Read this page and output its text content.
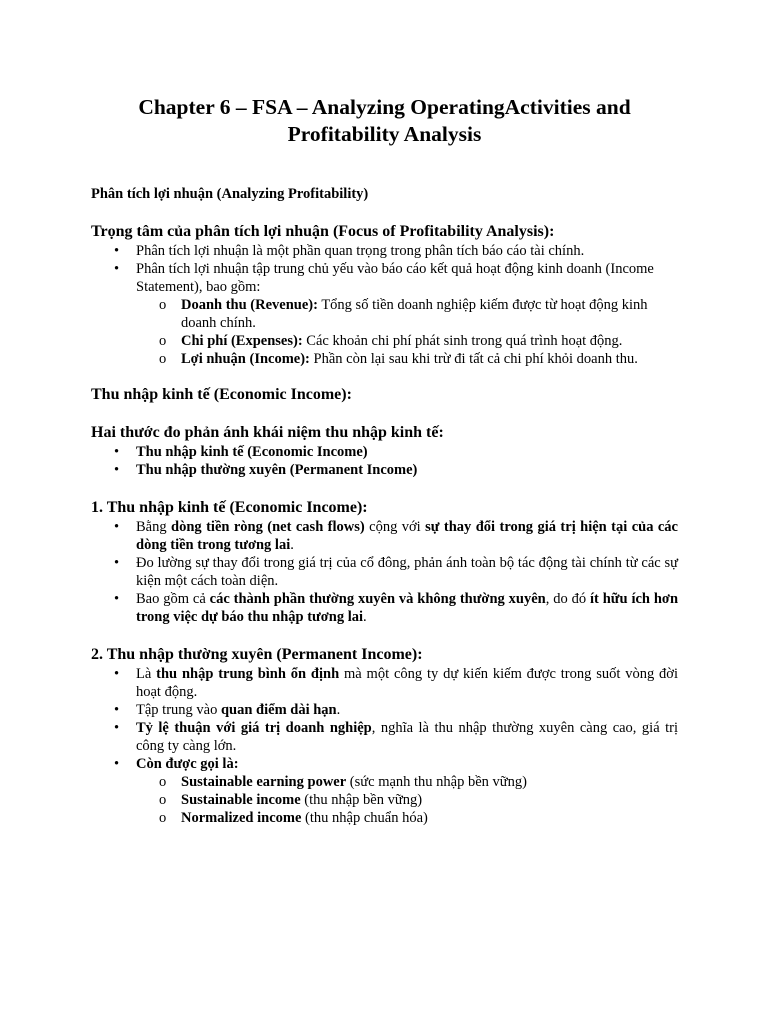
Chapter 6 – FSA – Analyzing OperatingActivities and Profitability Analysis
Phân tích lợi nhuận (Analyzing Profitability)
Trọng tâm của phân tích lợi nhuận (Focus of Profitability Analysis):
• Phân tích lợi nhuận là một phần quan trọng trong phân tích báo cáo tài chính.
• Phân tích lợi nhuận tập trung chủ yếu vào báo cáo kết quả hoạt động kinh doanh (Income Statement), bao gồm:
o Doanh thu (Revenue): Tổng số tiền doanh nghiệp kiếm được từ hoạt động kinh doanh chính.
o Chi phí (Expenses): Các khoản chi phí phát sinh trong quá trình hoạt động.
o Lợi nhuận (Income): Phần còn lại sau khi trừ đi tất cả chi phí khỏi doanh thu.
Thu nhập kinh tế (Economic Income):
Hai thước đo phản ánh khái niệm thu nhập kinh tế:
• Thu nhập kinh tế (Economic Income)
• Thu nhập thường xuyên (Permanent Income)
1. Thu nhập kinh tế (Economic Income):
• Bằng dòng tiền ròng (net cash flows) cộng với sự thay đổi trong giá trị hiện tại của các dòng tiền trong tương lai.
• Đo lường sự thay đổi trong giá trị của cổ đông, phản ánh toàn bộ tác động tài chính từ các sự kiện một cách toàn diện.
• Bao gồm cả các thành phần thường xuyên và không thường xuyên, do đó ít hữu ích hơn trong việc dự báo thu nhập tương lai.
2. Thu nhập thường xuyên (Permanent Income):
• Là thu nhập trung bình ổn định mà một công ty dự kiến kiếm được trong suốt vòng đời hoạt động.
• Tập trung vào quan điểm dài hạn.
• Tỷ lệ thuận với giá trị doanh nghiệp, nghĩa là thu nhập thường xuyên càng cao, giá trị công ty càng lớn.
• Còn được gọi là:
o Sustainable earning power (sức mạnh thu nhập bền vững)
o Sustainable income (thu nhập bền vững)
o Normalized income (thu nhập chuẩn hóa)
